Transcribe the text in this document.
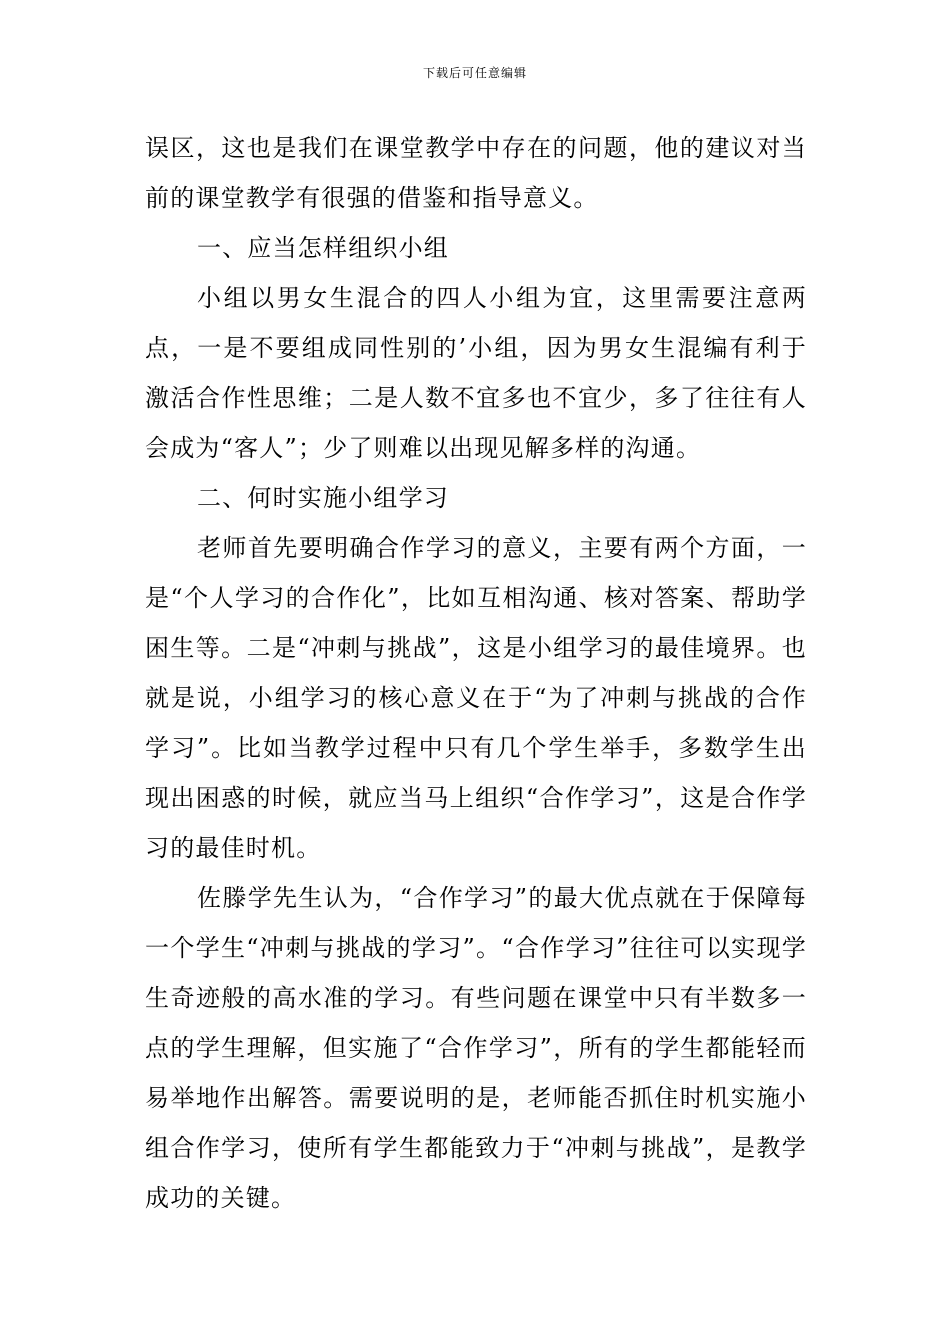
下载后可任意编辑

误区，这也是我们在课堂教学中存在的问题，他的建议对当前的课堂教学有很强的借鉴和指导意义。

一、应当怎样组织小组

小组以男女生混合的四人小组为宜，这里需要注意两点，一是不要组成同性别的’小组，因为男女生混编有利于激活合作性思维；二是人数不宜多也不宜少，多了往往有人会成为“客人”；少了则难以出现见解多样的沟通。

二、何时实施小组学习

老师首先要明确合作学习的意义，主要有两个方面，一是“个人学习的合作化”，比如互相沟通、核对答案、帮助学困生等。二是“冲刺与挑战”，这是小组学习的最佳境界。也就是说，小组学习的核心意义在于“为了冲刺与挑战的合作学习”。比如当教学过程中只有几个学生举手，多数学生出现出困惑的时候，就应当马上组织“合作学习”，这是合作学习的最佳时机。

佐滕学先生认为，“合作学习”的最大优点就在于保障每一个学生“冲刺与挑战的学习”。“合作学习”往往可以实现学生奇迹般的高水准的学习。有些问题在课堂中只有半数多一点的学生理解，但实施了“合作学习”，所有的学生都能轻而易举地作出解答。需要说明的是，老师能否抓住时机实施小组合作学习，使所有学生都能致力于“冲刺与挑战”，是教学成功的关键。
